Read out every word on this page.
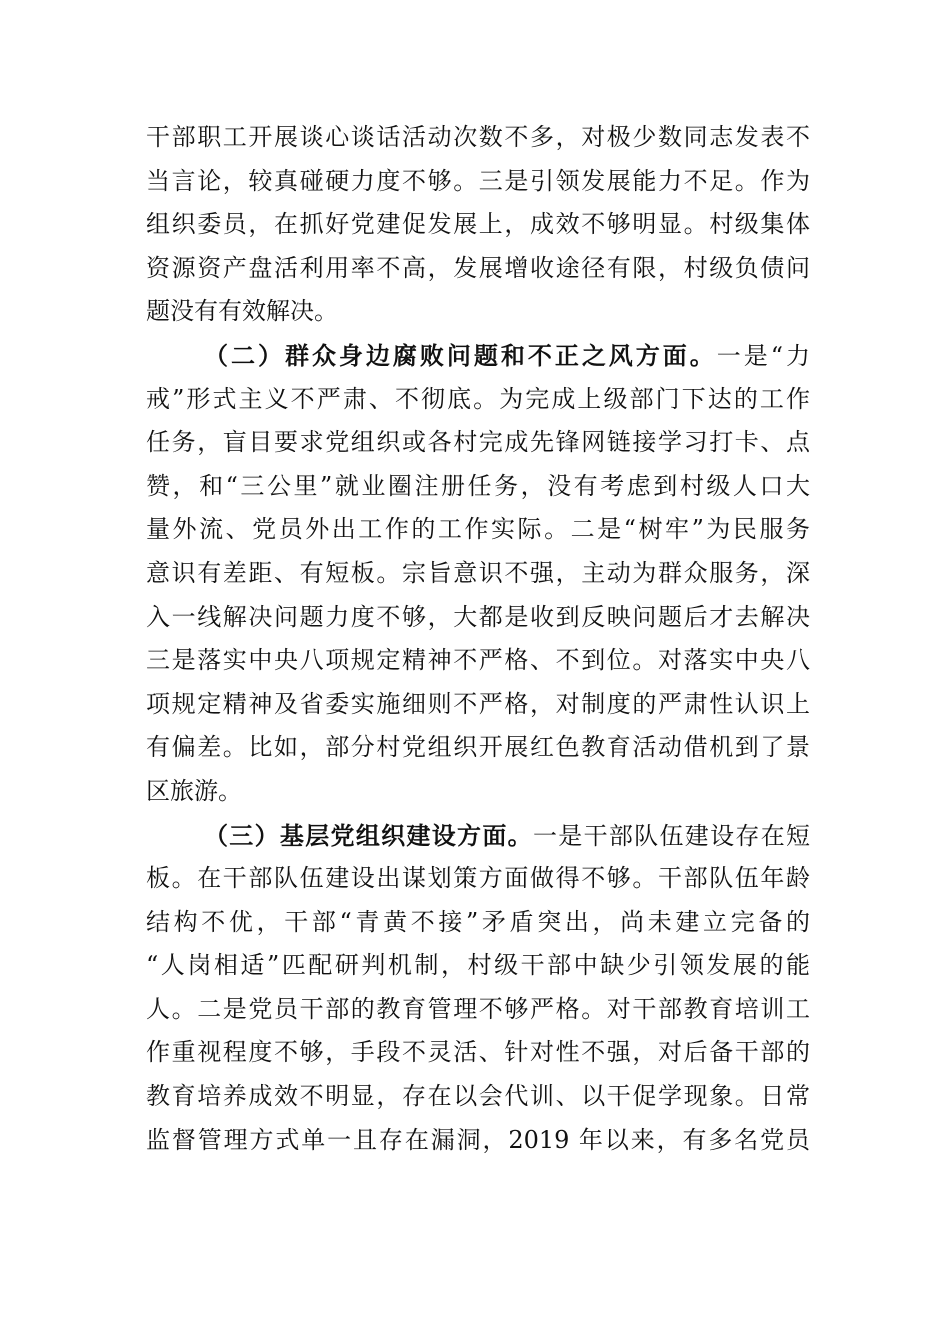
干部职工开展谈心谈话活动次数不多，对极少数同志发表不
当言论，较真碰硬力度不够。三是引领发展能力不足。作为
组织委员，在抓好党建促发展上，成效不够明显。村级集体
资源资产盘活利用率不高，发展增收途径有限，村级负债问
题没有有效解决。
（二）群众身边腐败问题和不正之风方面。一是“力
戒”形式主义不严肃、不彻底。为完成上级部门下达的工作
任务，盲目要求党组织或各村完成先锋网链接学习打卡、点
赞，和“三公里”就业圈注册任务，没有考虑到村级人口大
量外流、党员外出工作的工作实际。二是“树牢”为民服务
意识有差距、有短板。宗旨意识不强，主动为群众服务，深
入一线解决问题力度不够，大都是收到反映问题后才去解决
三是落实中央八项规定精神不严格、不到位。对落实中央八
项规定精神及省委实施细则不严格，对制度的严肃性认识上
有偏差。比如，部分村党组织开展红色教育活动借机到了景
区旅游。
（三）基层党组织建设方面。一是干部队伍建设存在短
板。在干部队伍建设出谋划策方面做得不够。干部队伍年龄
结构不优，干部“青黄不接”矛盾突出，尚未建立完备的
“人岗相适”匹配研判机制，村级干部中缺少引领发展的能
人。二是党员干部的教育管理不够严格。对干部教育培训工
作重视程度不够，手段不灵活、针对性不强，对后备干部的
教育培养成效不明显，存在以会代训、以干促学现象。日常
监督管理方式单一且存在漏洞，2019 年以来，有多名党员
